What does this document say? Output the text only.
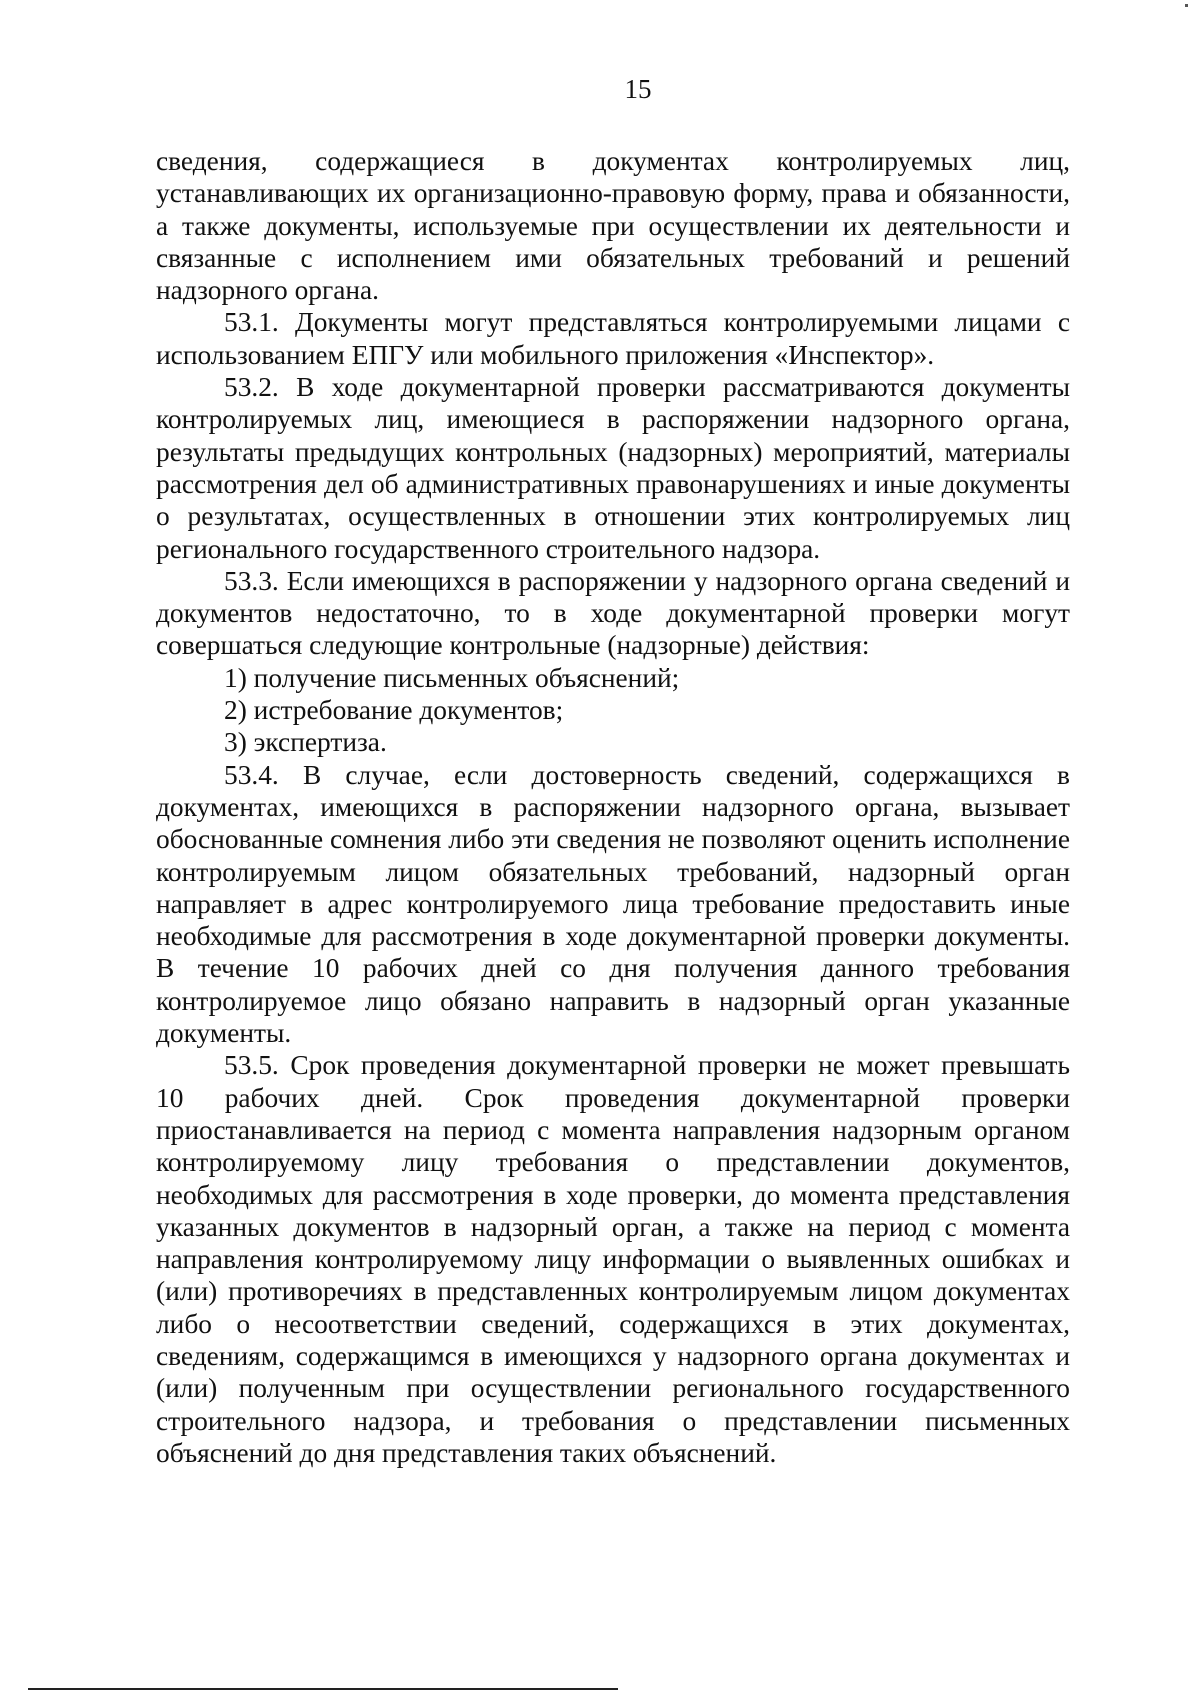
15

сведения, содержащиеся в документах контролируемых лиц, устанавливающих их организационно-правовую форму, права и обязанности, а также документы, используемые при осуществлении их деятельности и связанные с исполнением ими обязательных требований и решений надзорного органа.

53.1. Документы могут представляться контролируемыми лицами с использованием ЕПГУ или мобильного приложения «Инспектор».

53.2. В ходе документарной проверки рассматриваются документы контролируемых лиц, имеющиеся в распоряжении надзорного органа, результаты предыдущих контрольных (надзорных) мероприятий, материалы рассмотрения дел об административных правонарушениях и иные документы о результатах, осуществленных в отношении этих контролируемых лиц регионального государственного строительного надзора.

53.3. Если имеющихся в распоряжении у надзорного органа сведений и документов недостаточно, то в ходе документарной проверки могут совершаться следующие контрольные (надзорные) действия:

1) получение письменных объяснений;

2) истребование документов;

3) экспертиза.

53.4. В случае, если достоверность сведений, содержащихся в документах, имеющихся в распоряжении надзорного органа, вызывает обоснованные сомнения либо эти сведения не позволяют оценить исполнение контролируемым лицом обязательных требований, надзорный орган направляет в адрес контролируемого лица требование предоставить иные необходимые для рассмотрения в ходе документарной проверки документы. В течение 10 рабочих дней со дня получения данного требования контролируемое лицо обязано направить в надзорный орган указанные документы.

53.5. Срок проведения документарной проверки не может превышать 10 рабочих дней. Срок проведения документарной проверки приостанавливается на период с момента направления надзорным органом контролируемому лицу требования о представлении документов, необходимых для рассмотрения в ходе проверки, до момента представления указанных документов в надзорный орган, а также на период с момента направления контролируемому лицу информации о выявленных ошибках и (или) противоречиях в представленных контролируемым лицом документах либо о несоответствии сведений, содержащихся в этих документах, сведениям, содержащимся в имеющихся у надзорного органа документах и (или) полученным при осуществлении регионального государственного строительного надзора, и требования о представлении письменных объяснений до дня представления таких объяснений.
